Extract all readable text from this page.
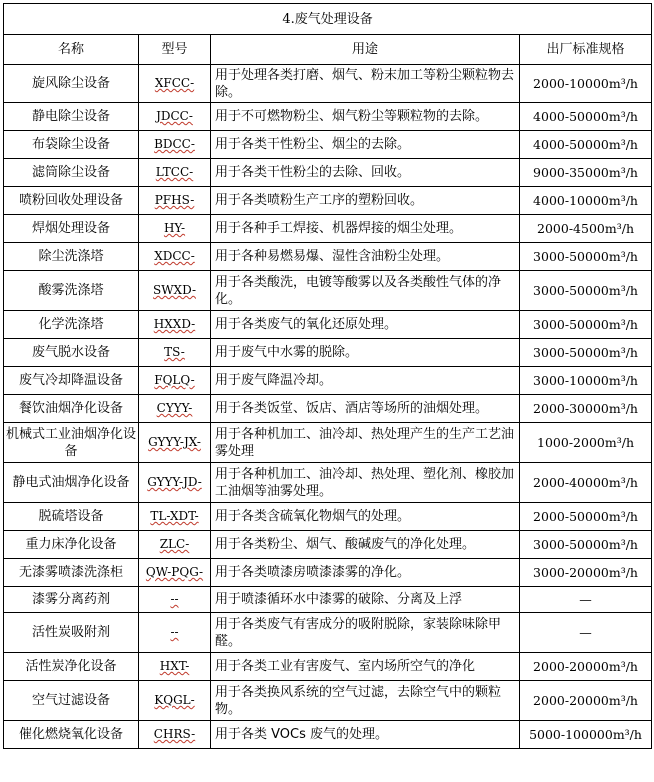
4.废气处理设备			
名称	型号	用途	出厂标准规格
旋风除尘设备	XFCC-	用于处理各类打磨、烟气、粉末加工等粉尘颗粒物去除。	2000-10000m³/h
静电除尘设备	JDCC-	用于不可燃物粉尘、烟气粉尘等颗粒物的去除。	4000-50000m³/h
布袋除尘设备	BDCC-	用于各类干性粉尘、烟尘的去除。	4000-50000m³/h
滤筒除尘设备	LTCC-	用于各类干性粉尘的去除、回收。	9000-35000m³/h
喷粉回收处理设备	PFHS-	用于各类喷粉生产工序的塑粉回收。	4000-10000m³/h
焊烟处理设备	HY-	用于各种手工焊接、机器焊接的烟尘处理。	2000-4500m³/h
除尘洗涤塔	XDCC-	用于各种易燃易爆、湿性含油粉尘处理。	3000-50000m³/h
酸雾洗涤塔	SWXD-	用于各类酸洗，电镀等酸雾以及各类酸性气体的净化。	3000-50000m³/h
化学洗涤塔	HXXD-	用于各类废气的氧化还原处理。	3000-50000m³/h
废气脱水设备	TS-	用于废气中水雾的脱除。	3000-50000m³/h
废气冷却降温设备	FQLQ-	用于废气降温冷却。	3000-10000m³/h
餐饮油烟净化设备	CYYY-	用于各类饭堂、饭店、酒店等场所的油烟处理。	2000-30000m³/h
机械式工业油烟净化设备	GYYY-JX-	用于各种机加工、油冷却、热处理产生的生产工艺油雾处理	1000-2000m³/h
静电式油烟净化设备	GYYY-JD-	用于各种机加工、油冷却、热处理、塑化剂、橡胶加工油烟等油雾处理。	2000-40000m³/h
脱硫塔设备	TL-XDT-	用于各类含硫氧化物烟气的处理。	2000-50000m³/h
重力床净化设备	ZLC-	用于各类粉尘、烟气、酸碱废气的净化处理。	3000-50000m³/h
无漆雾喷漆洗涤柜	QW-PQG-	用于各类喷漆房喷漆漆雾的净化。	3000-20000m³/h
漆雾分离药剂	--	用于喷漆循环水中漆雾的破除、分离及上浮	—
活性炭吸附剂	--	用于各类废气有害成分的吸附脱除，家装除味除甲醛。	—
活性炭净化设备	HXT-	用于各类工业有害废气、室内场所空气的净化	2000-20000m³/h
空气过滤设备	KQGL-	用于各类换风系统的空气过滤，去除空气中的颗粒物。	2000-20000m³/h
催化燃烧氧化设备	CHRS-	用于各类 VOCs 废气的处理。	5000-100000m³/h
